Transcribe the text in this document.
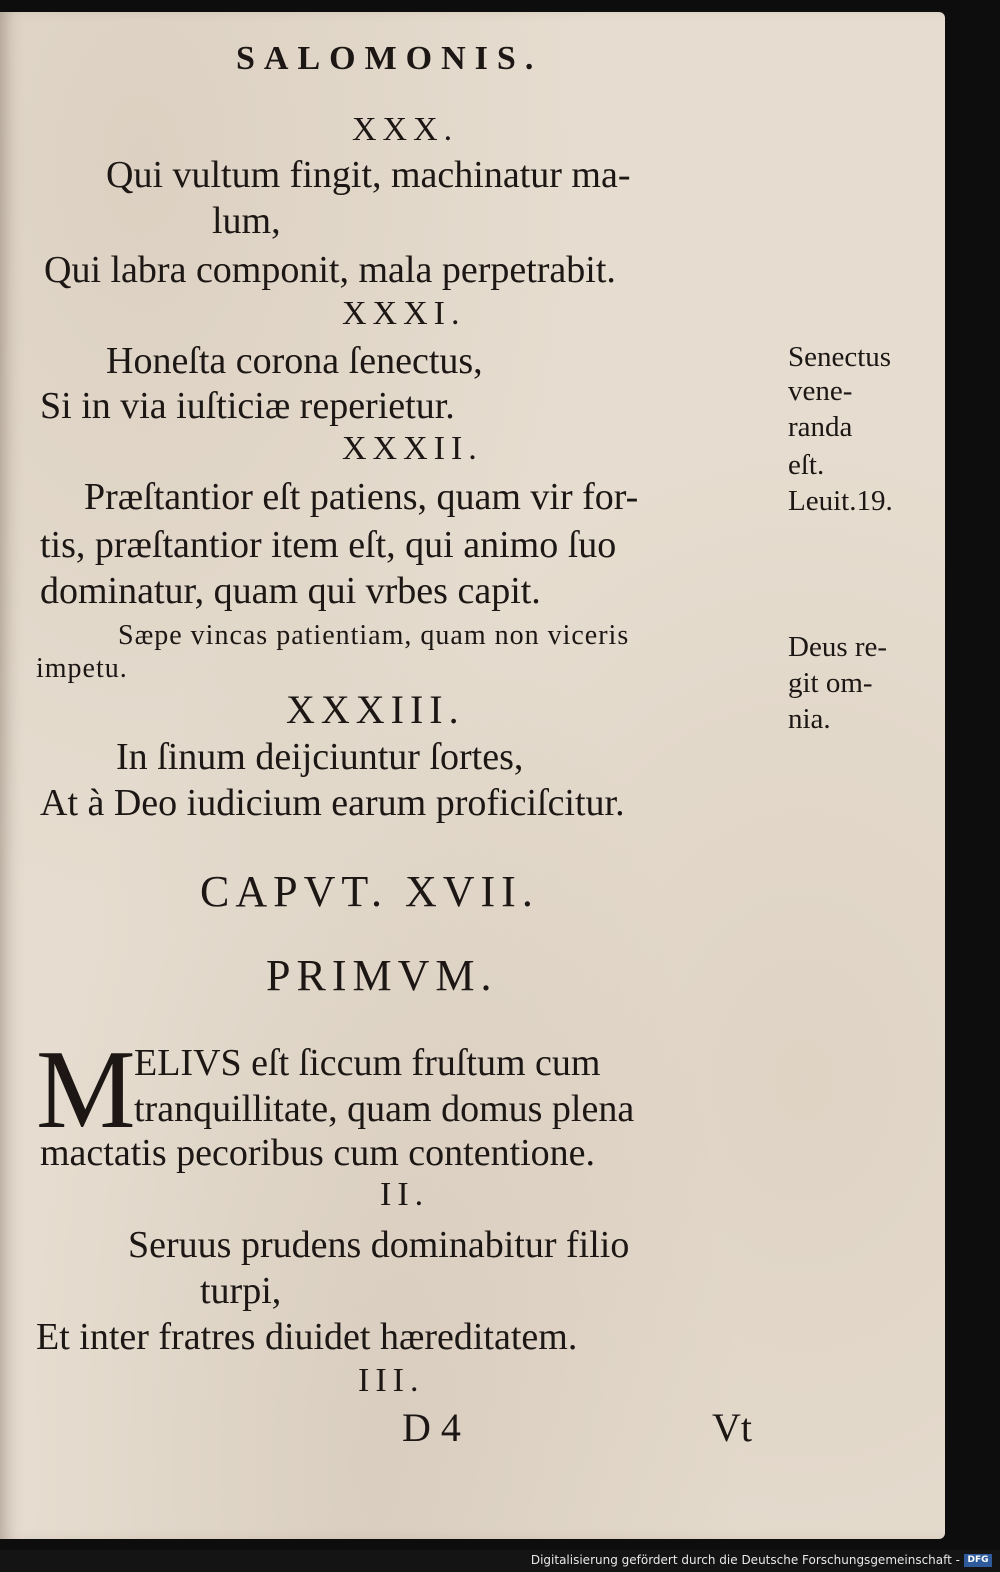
SALOMONIS.

XXX.

Qui vultum fingit, machinatur ma-

lum,

Qui labra componit, mala perpetrabit.

XXXI.

Honeſta corona ſenectus,

Si in via iuſticiæ reperietur.

XXXII.

Præſtantior eſt patiens, quam vir for-

tis, præſtantior item eſt, qui animo ſuo

dominatur, quam qui vrbes capit.

Sæpe vincas patientiam, quam non viceris

impetu.

XXXIII.

In ſinum deijciuntur ſortes,

At à Deo iudicium earum proficiſcitur.

Senectus

vene-

randa

eſt.

Leuit.19.

Deus re-

git om-

nia.

CAPVT. XVII.

PRIMVM.

M

ELIVS eſt ſiccum fruſtum cum

tranquillitate, quam domus plena

mactatis pecoribus cum contentione.

II.

Seruus prudens dominabitur filio

turpi,

Et inter fratres diuidet hæreditatem.

III.

D 4	Vt

Digitalisierung gefördert durch die Deutsche Forschungsgemeinschaft - DFG
